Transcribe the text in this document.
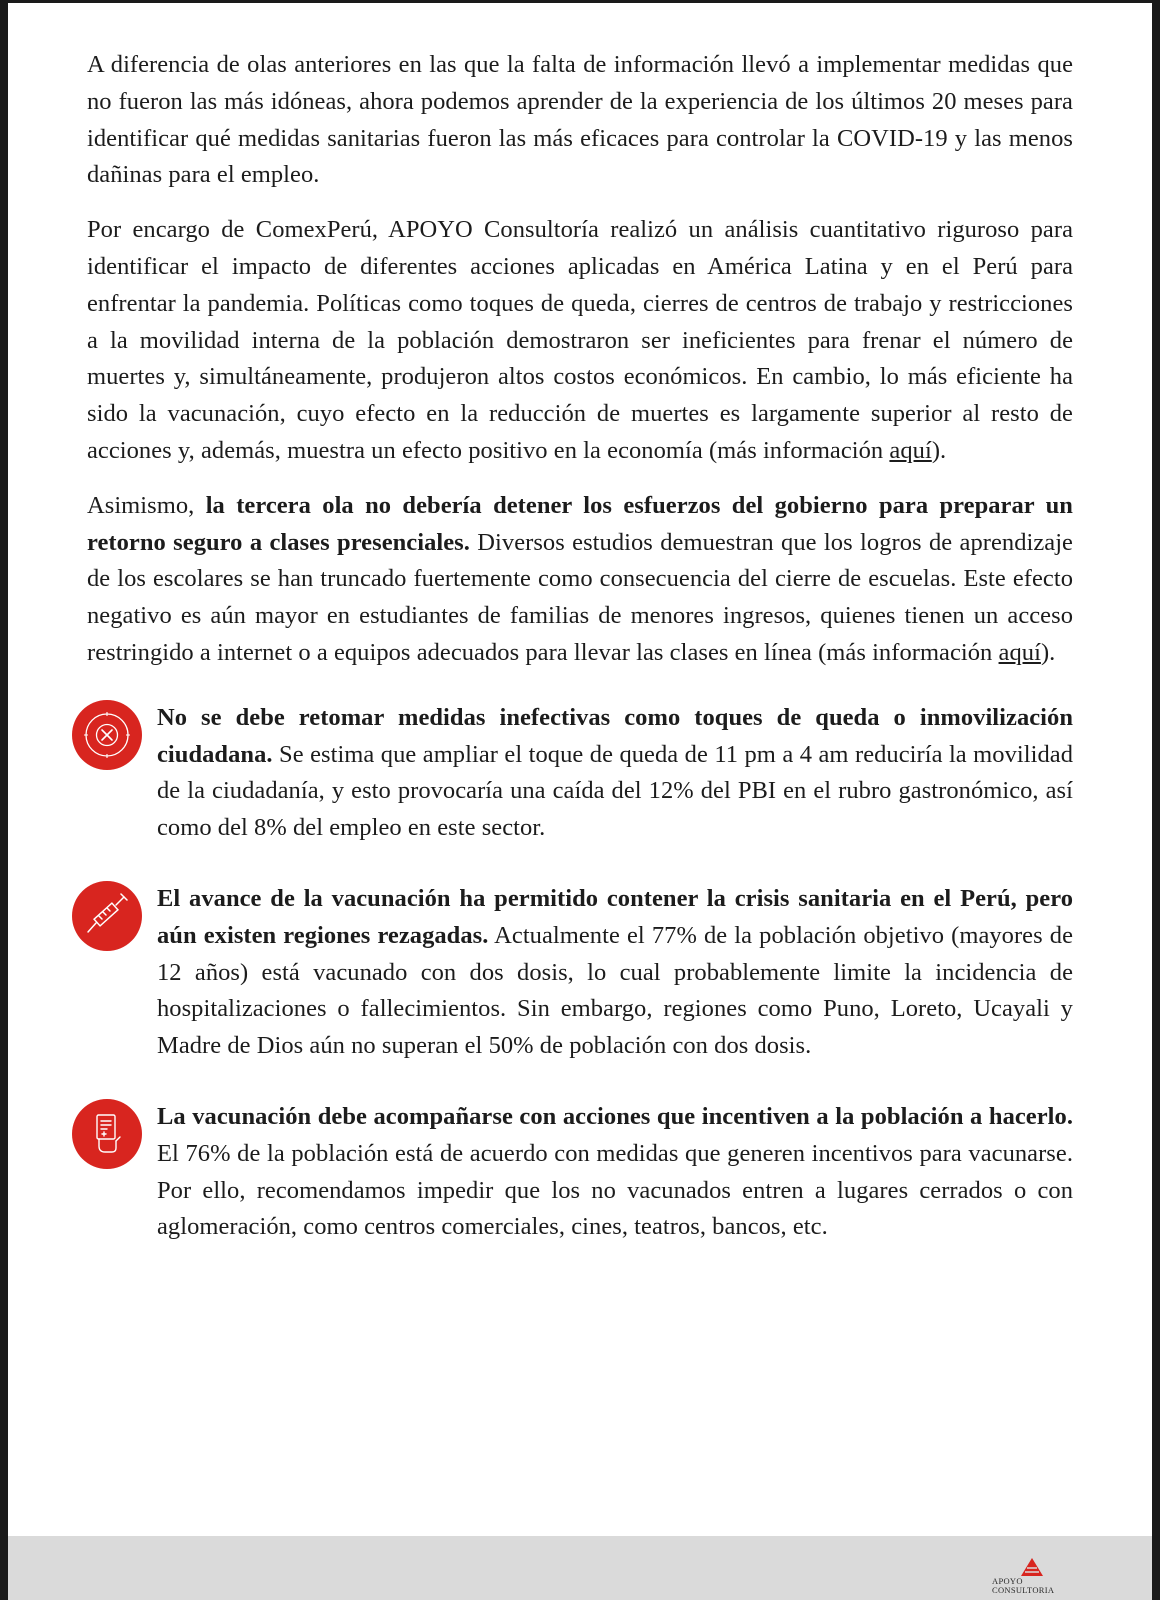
A diferencia de olas anteriores en las que la falta de información llevó a implementar medidas que no fueron las más idóneas, ahora podemos aprender de la experiencia de los últimos 20 meses para identificar qué medidas sanitarias fueron las más eficaces para controlar la COVID-19 y las menos dañinas para el empleo.

Por encargo de ComexPerú, APOYO Consultoría realizó un análisis cuantitativo riguroso para identificar el impacto de diferentes acciones aplicadas en América Latina y en el Perú para enfrentar la pandemia. Políticas como toques de queda, cierres de centros de trabajo y restricciones a la movilidad interna de la población demostraron ser ineficientes para frenar el número de muertes y, simultáneamente, produjeron altos costos económicos. En cambio, lo más eficiente ha sido la vacunación, cuyo efecto en la reducción de muertes es largamente superior al resto de acciones y, además, muestra un efecto positivo en la economía (más información aquí).

Asimismo, la tercera ola no debería detener los esfuerzos del gobierno para preparar un retorno seguro a clases presenciales. Diversos estudios demuestran que los logros de aprendizaje de los escolares se han truncado fuertemente como consecuencia del cierre de escuelas. Este efecto negativo es aún mayor en estudiantes de familias de menores ingresos, quienes tienen un acceso restringido a internet o a equipos adecuados para llevar las clases en línea (más información aquí).

No se debe retomar medidas inefectivas como toques de queda o inmovilización ciudadana. Se estima que ampliar el toque de queda de 11 pm a 4 am reduciría la movilidad de la ciudadanía, y esto provocaría una caída del 12% del PBI en el rubro gastronómico, así como del 8% del empleo en este sector.

El avance de la vacunación ha permitido contener la crisis sanitaria en el Perú, pero aún existen regiones rezagadas. Actualmente el 77% de la población objetivo (mayores de 12 años) está vacunado con dos dosis, lo cual probablemente limite la incidencia de hospitalizaciones o fallecimientos. Sin embargo, regiones como Puno, Loreto, Ucayali y Madre de Dios aún no superan el 50% de población con dos dosis.

La vacunación debe acompañarse con acciones que incentiven a la población a hacerlo. El 76% de la población está de acuerdo con medidas que generen incentivos para vacunarse. Por ello, recomendamos impedir que los no vacunados entren a lugares cerrados o con aglomeración, como centros comerciales, cines, teatros, bancos, etc.

APOYO
CONSULTORIA
